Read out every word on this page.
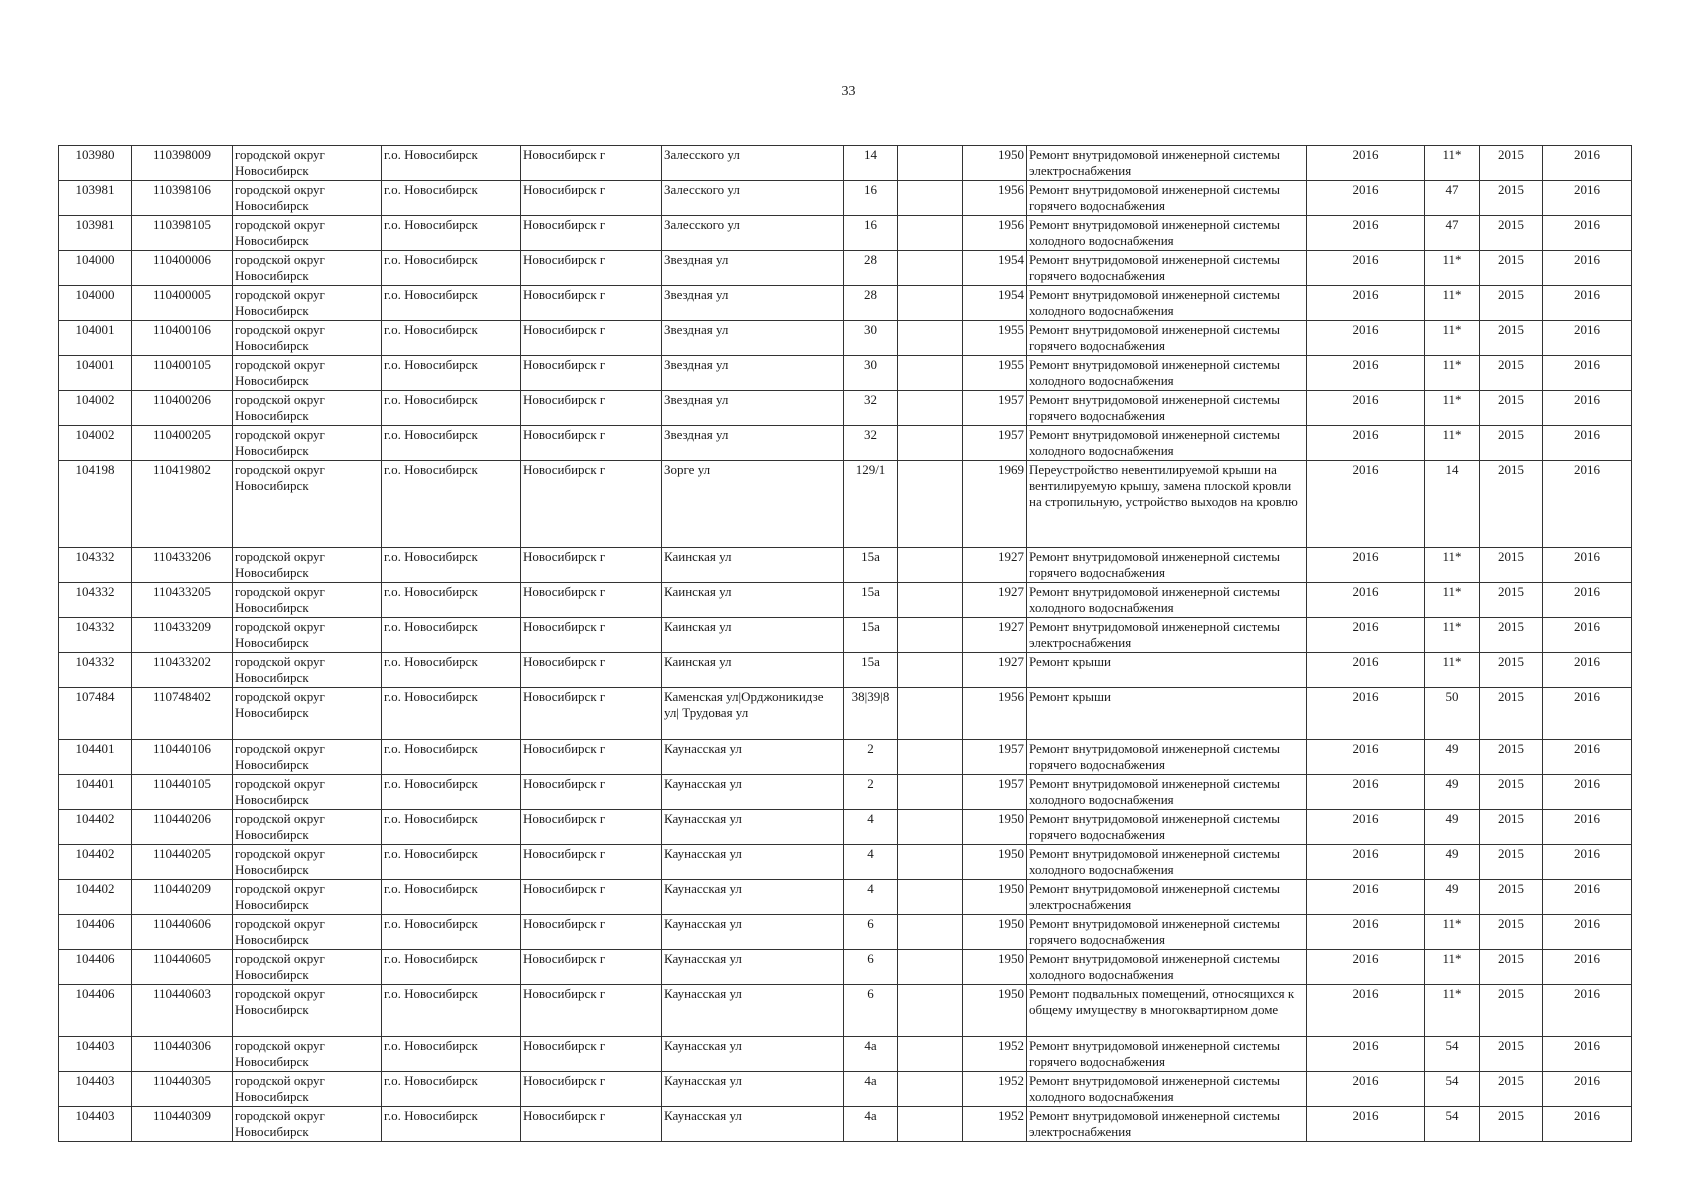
33
103980	110398009	городской округ Новосибирск	г.о. Новосибирск	Новосибирск г	Залесского ул	14		1950	Ремонт внутридомовой инженерной системы электроснабжения	2016	11*	2015	2016
103981	110398106	городской округ Новосибирск	г.о. Новосибирск	Новосибирск г	Залесского ул	16		1956	Ремонт внутридомовой инженерной системы горячего водоснабжения	2016	47	2015	2016
103981	110398105	городской округ Новосибирск	г.о. Новосибирск	Новосибирск г	Залесского ул	16		1956	Ремонт внутридомовой инженерной системы холодного водоснабжения	2016	47	2015	2016
104000	110400006	городской округ Новосибирск	г.о. Новосибирск	Новосибирск г	Звездная ул	28		1954	Ремонт внутридомовой инженерной системы горячего водоснабжения	2016	11*	2015	2016
104000	110400005	городской округ Новосибирск	г.о. Новосибирск	Новосибирск г	Звездная ул	28		1954	Ремонт внутридомовой инженерной системы холодного водоснабжения	2016	11*	2015	2016
104001	110400106	городской округ Новосибирск	г.о. Новосибирск	Новосибирск г	Звездная ул	30		1955	Ремонт внутридомовой инженерной системы горячего водоснабжения	2016	11*	2015	2016
104001	110400105	городской округ Новосибирск	г.о. Новосибирск	Новосибирск г	Звездная ул	30		1955	Ремонт внутридомовой инженерной системы холодного водоснабжения	2016	11*	2015	2016
104002	110400206	городской округ Новосибирск	г.о. Новосибирск	Новосибирск г	Звездная ул	32		1957	Ремонт внутридомовой инженерной системы горячего водоснабжения	2016	11*	2015	2016
104002	110400205	городской округ Новосибирск	г.о. Новосибирск	Новосибирск г	Звездная ул	32		1957	Ремонт внутридомовой инженерной системы холодного водоснабжения	2016	11*	2015	2016
104198	110419802	городской округ Новосибирск	г.о. Новосибирск	Новосибирск г	Зорге ул	129/1		1969	Переустройство невентилируемой крыши на вентилируемую крышу, замена плоской кровли на стропильную, устройство выходов на кровлю	2016	14	2015	2016
104332	110433206	городской округ Новосибирск	г.о. Новосибирск	Новосибирск г	Каинская ул	15а		1927	Ремонт внутридомовой инженерной системы горячего водоснабжения	2016	11*	2015	2016
104332	110433205	городской округ Новосибирск	г.о. Новосибирск	Новосибирск г	Каинская ул	15а		1927	Ремонт внутридомовой инженерной системы холодного водоснабжения	2016	11*	2015	2016
104332	110433209	городской округ Новосибирск	г.о. Новосибирск	Новосибирск г	Каинская ул	15а		1927	Ремонт внутридомовой инженерной системы электроснабжения	2016	11*	2015	2016
104332	110433202	городской округ Новосибирск	г.о. Новосибирск	Новосибирск г	Каинская ул	15а		1927	Ремонт крыши	2016	11*	2015	2016
107484	110748402	городской округ Новосибирск	г.о. Новосибирск	Новосибирск г	Каменская ул|Орджоникидзе ул| Трудовая ул	38|39|8		1956	Ремонт крыши	2016	50	2015	2016
104401	110440106	городской округ Новосибирск	г.о. Новосибирск	Новосибирск г	Каунасская ул	2		1957	Ремонт внутридомовой инженерной системы горячего водоснабжения	2016	49	2015	2016
104401	110440105	городской округ Новосибирск	г.о. Новосибирск	Новосибирск г	Каунасская ул	2		1957	Ремонт внутридомовой инженерной системы холодного водоснабжения	2016	49	2015	2016
104402	110440206	городской округ Новосибирск	г.о. Новосибирск	Новосибирск г	Каунасская ул	4		1950	Ремонт внутридомовой инженерной системы горячего водоснабжения	2016	49	2015	2016
104402	110440205	городской округ Новосибирск	г.о. Новосибирск	Новосибирск г	Каунасская ул	4		1950	Ремонт внутридомовой инженерной системы холодного водоснабжения	2016	49	2015	2016
104402	110440209	городской округ Новосибирск	г.о. Новосибирск	Новосибирск г	Каунасская ул	4		1950	Ремонт внутридомовой инженерной системы электроснабжения	2016	49	2015	2016
104406	110440606	городской округ Новосибирск	г.о. Новосибирск	Новосибирск г	Каунасская ул	6		1950	Ремонт внутридомовой инженерной системы горячего водоснабжения	2016	11*	2015	2016
104406	110440605	городской округ Новосибирск	г.о. Новосибирск	Новосибирск г	Каунасская ул	6		1950	Ремонт внутридомовой инженерной системы холодного водоснабжения	2016	11*	2015	2016
104406	110440603	городской округ Новосибирск	г.о. Новосибирск	Новосибирск г	Каунасская ул	6		1950	Ремонт подвальных помещений, относящихся к общему имуществу в многоквартирном доме	2016	11*	2015	2016
104403	110440306	городской округ Новосибирск	г.о. Новосибирск	Новосибирск г	Каунасская ул	4а		1952	Ремонт внутридомовой инженерной системы горячего водоснабжения	2016	54	2015	2016
104403	110440305	городской округ Новосибирск	г.о. Новосибирск	Новосибирск г	Каунасская ул	4а		1952	Ремонт внутридомовой инженерной системы холодного водоснабжения	2016	54	2015	2016
104403	110440309	городской округ Новосибирск	г.о. Новосибирск	Новосибирск г	Каунасская ул	4а		1952	Ремонт внутридомовой инженерной системы электроснабжения	2016	54	2015	2016
